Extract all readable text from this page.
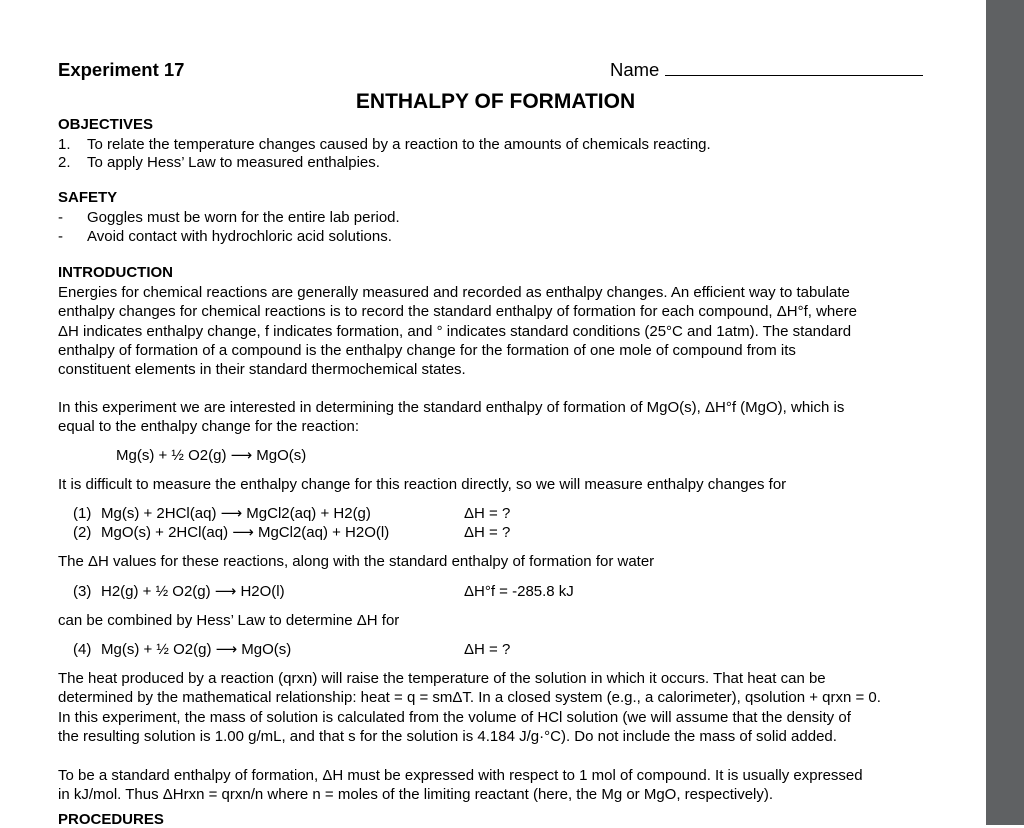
Experiment 17	Name
ENTHALPY OF FORMATION
OBJECTIVES
1. To relate the temperature changes caused by a reaction to the amounts of chemicals reacting.
2. To apply Hess’ Law to measured enthalpies.
SAFETY
- Goggles must be worn for the entire lab period.
- Avoid contact with hydrochloric acid solutions.
INTRODUCTION
Energies for chemical reactions are generally measured and recorded as enthalpy changes. An efficient way to tabulate
enthalpy changes for chemical reactions is to record the standard enthalpy of formation for each compound, ΔH°f, where
ΔH indicates enthalpy change, f indicates formation, and ° indicates standard conditions (25°C and 1atm). The standard
enthalpy of formation of a compound is the enthalpy change for the formation of one mole of compound from its
constituent elements in their standard thermochemical states.
In this experiment we are interested in determining the standard enthalpy of formation of MgO(s), ΔH°f (MgO), which is
equal to the enthalpy change for the reaction:
Mg(s) + ½ O2(g) ⟶ MgO(s)
It is difficult to measure the enthalpy change for this reaction directly, so we will measure enthalpy changes for
(1) Mg(s) + 2HCl(aq) ⟶ MgCl2(aq) + H2(g)	ΔH = ?
(2) MgO(s) + 2HCl(aq) ⟶ MgCl2(aq) + H2O(l)	ΔH = ?
The ΔH values for these reactions, along with the standard enthalpy of formation for water
(3) H2(g) + ½ O2(g) ⟶ H2O(l)	ΔH°f = -285.8 kJ
can be combined by Hess’ Law to determine ΔH for
(4) Mg(s) + ½ O2(g) ⟶ MgO(s)	ΔH = ?
The heat produced by a reaction (qrxn) will raise the temperature of the solution in which it occurs. That heat can be
determined by the mathematical relationship: heat = q = smΔT. In a closed system (e.g., a calorimeter), qsolution + qrxn = 0.
In this experiment, the mass of solution is calculated from the volume of HCl solution (we will assume that the density of
the resulting solution is 1.00 g/mL, and that s for the solution is 4.184 J/g·°C). Do not include the mass of solid added.
To be a standard enthalpy of formation, ΔH must be expressed with respect to 1 mol of compound. It is usually expressed
in kJ/mol. Thus ΔHrxn = qrxn/n where n = moles of the limiting reactant (here, the Mg or MgO, respectively).
PROCEDURES
